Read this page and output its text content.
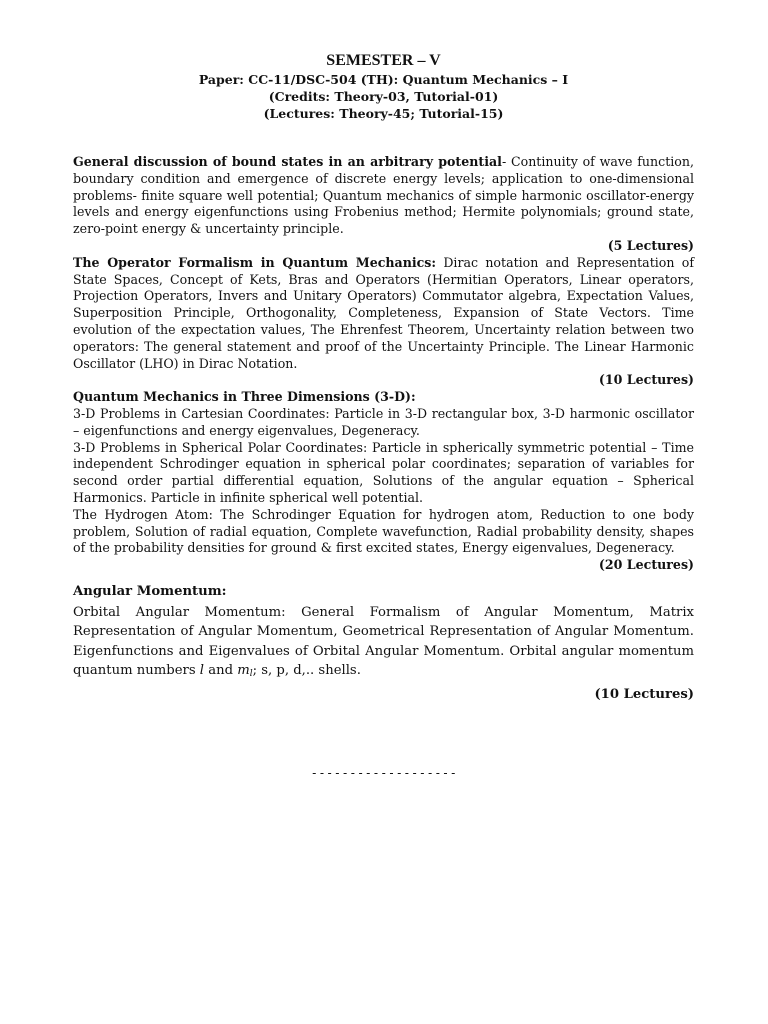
SEMESTER – V
Paper: CC-11/DSC-504 (TH): Quantum Mechanics – I
(Credits: Theory-03, Tutorial-01)
(Lectures: Theory-45; Tutorial-15)

General discussion of bound states in an arbitrary potential- Continuity of wave function, boundary condition and emergence of discrete energy levels; application to one-dimensional problems- finite square well potential; Quantum mechanics of simple harmonic oscillator-energy levels and energy eigenfunctions using Frobenius method; Hermite polynomials; ground state, zero-point energy & uncertainty principle.

(5 Lectures)

The Operator Formalism in Quantum Mechanics: Dirac notation and Representation of State Spaces, Concept of Kets, Bras and Operators (Hermitian Operators, Linear operators, Projection Operators, Invers and Unitary Operators) Commutator algebra, Expectation Values, Superposition Principle, Orthogonality, Completeness, Expansion of State Vectors. Time evolution of the expectation values, The Ehrenfest Theorem, Uncertainty relation between two operators: The general statement and proof of the Uncertainty Principle. The Linear Harmonic Oscillator (LHO) in Dirac Notation.

(10 Lectures)
Quantum Mechanics in Three Dimensions (3-D):

3-D Problems in Cartesian Coordinates: Particle in 3-D rectangular box, 3-D harmonic oscillator – eigenfunctions and energy eigenvalues, Degeneracy.

3-D Problems in Spherical Polar Coordinates: Particle in spherically symmetric potential – Time independent Schrodinger equation in spherical polar coordinates; separation of variables for second order partial differential equation, Solutions of the angular equation – Spherical Harmonics. Particle in infinite spherical well potential.

The Hydrogen Atom: The Schrodinger Equation for hydrogen atom, Reduction to one body problem, Solution of radial equation, Complete wavefunction, Radial probability density, shapes of the probability densities for ground & first excited states, Energy eigenvalues, Degeneracy.

(20 Lectures)
Angular Momentum:

Orbital Angular Momentum: General Formalism of Angular Momentum, Matrix Representation of Angular Momentum, Geometrical Representation of Angular Momentum. Eigenfunctions and Eigenvalues of Orbital Angular Momentum. Orbital angular momentum quantum numbers l and $m_l$; s, p, d,.. shells.

(10 Lectures)
-------------------
